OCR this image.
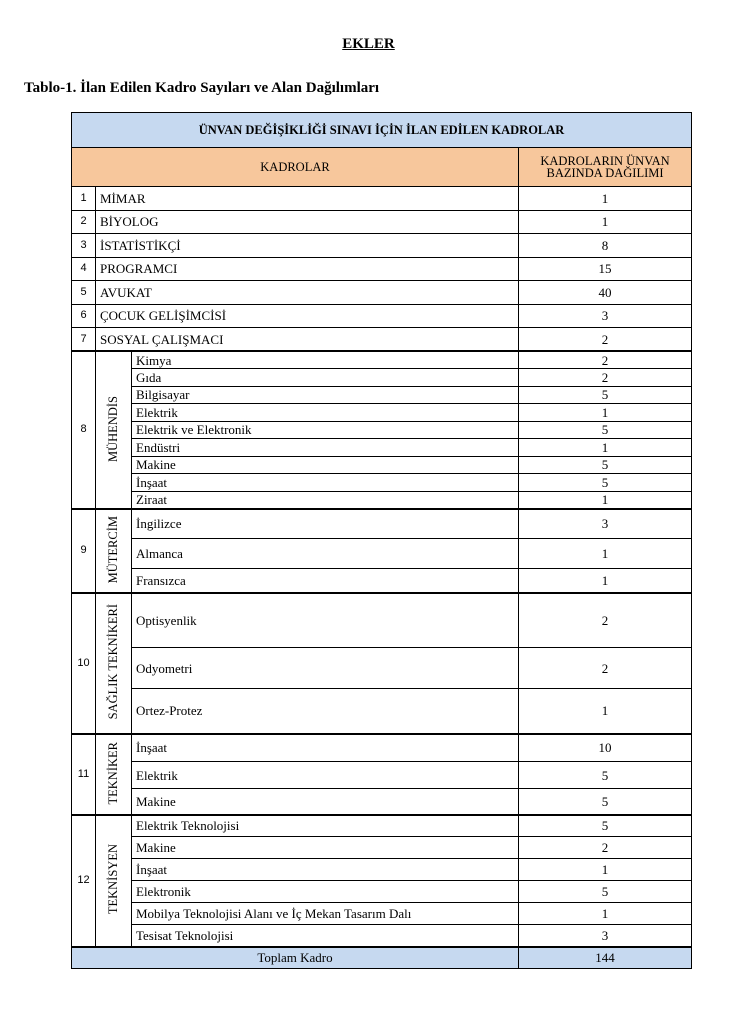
EKLER
Tablo-1. İlan Edilen Kadro Sayıları ve Alan Dağılımları
ÜNVAN DEĞİŞİKLİĞİ SINAVI İÇİN İLAN EDİLEN KADROLAR			
KADROLAR			KADROLARIN ÜNVAN BAZINDA DAĞILIMI
1	MİMAR		1
2	BİYOLOG		1
3	İSTATİSTİKÇİ		8
4	PROGRAMCI		15
5	AVUKAT		40
6	ÇOCUK GELİŞİMCİSİ		3
7	SOSYAL ÇALIŞMACI		2
8	MÜHENDİS	Kimya	2
		Gıda	2
		Bilgisayar	5
		Elektrik	1
		Elektrik ve Elektronik	5
		Endüstri	1
		Makine	5
		İnşaat	5
		Ziraat	1
9	MÜTERCİM	İngilizce	3
		Almanca	1
		Fransızca	1
10	SAĞLIK TEKNİKERİ	Optisyenlik	2
		Odyometri	2
		Ortez-Protez	1
11	TEKNİKER	İnşaat	10
		Elektrik	5
		Makine	5
12	TEKNİSYEN	Elektrik Teknolojisi	5
		Makine	2
		İnşaat	1
		Elektronik	5
		Mobilya Teknolojisi Alanı ve İç Mekan Tasarım Dalı	1
		Tesisat Teknolojisi	3
Toplam Kadro			144
